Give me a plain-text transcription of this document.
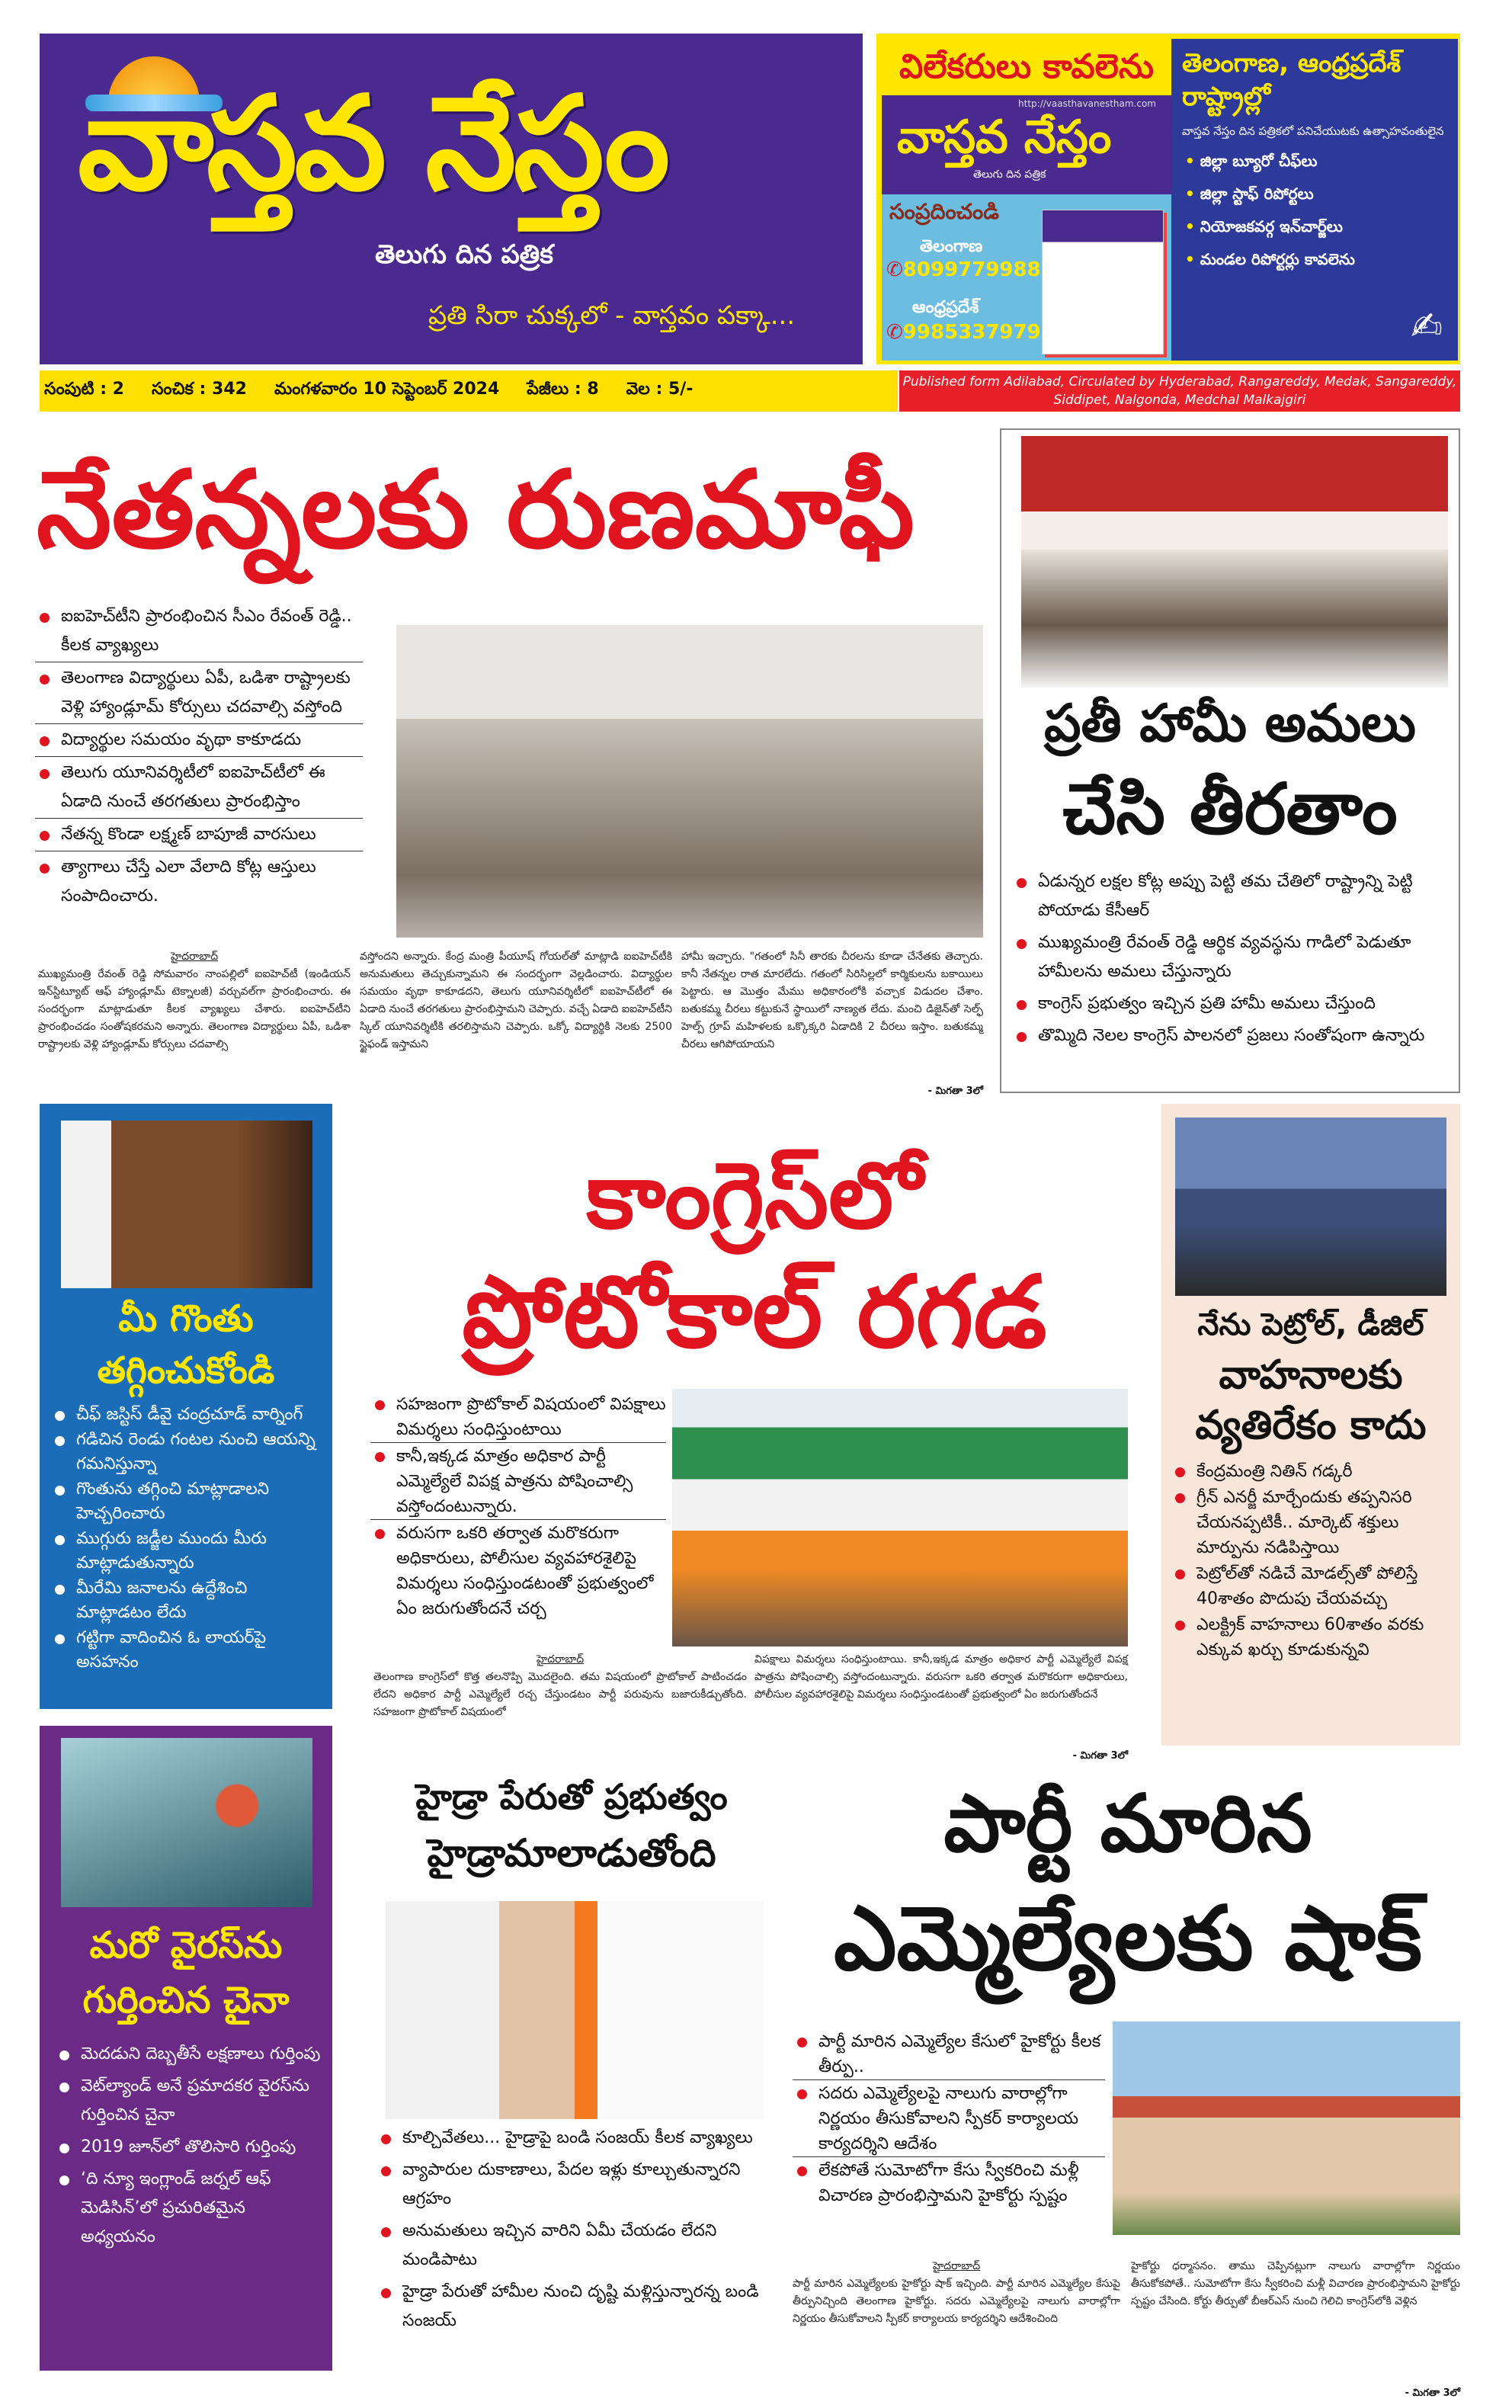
వాస్తవ నేస్తం
తెలుగు దిన పత్రిక
ప్రతి సిరా చుక్కలో - వాస్తవం పక్కా...
విలేకరులు కావలెను
http://vaasthavanestham.com
వాస్తవ నేస్తం
తెలుగు దిన పత్రిక
సంప్రదించండి
తెలంగాణ
✆8099779988
ఆంధ్రప్రదేశ్
✆9985337979
తెలంగాణ, ఆంధ్రప్రదేశ్ రాష్ట్రాల్లో
వాస్తవ నేస్తం దిన పత్రికలో పనిచేయుటకు ఉత్సాహవంతులైన
• జిల్లా బ్యూరో చీఫ్‌లు
• జిల్లా స్టాఫ్ రిపోర్టలు
• నియోజకవర్గ ఇన్‌చార్జ్‌లు
• మండల రిపోర్టర్లు కావలెను
✍
సంపుటి : 2 సంచిక : 342 మంగళవారం 10 సెప్టెంబర్ 2024 పేజీలు : 8 వెల : 5/-	Published form Adilabad, Circulated by Hyderabad, Rangareddy, Medak, Sangareddy, Siddipet, Nalgonda, Medchal Malkajgiri
నేతన్నలకు రుణమాఫీ
ఐఐహెచ్‌టీని ప్రారంభించిన సీఎం రేవంత్ రెడ్డి.. కీలక వ్యాఖ్యలు
తెలంగాణ విద్యార్థులు ఏపీ, ఒడిశా రాష్ట్రాలకు వెళ్లి హ్యాండ్లూమ్ కోర్సులు చదవాల్సి వస్తోంది
విద్యార్థుల సమయం వృథా కాకూడదు
తెలుగు యూనివర్శిటీలో ఐఐహెచ్‌టీలో ఈ ఏడాది నుంచే తరగతులు ప్రారంభిస్తాం
నేతన్న కొండా లక్ష్మణ్ బాపూజీ వారసులు
త్యాగాలు చేస్తే ఎలా వేలాది కోట్ల ఆస్తులు సంపాదించారు.
హైదరాబాద్
ముఖ్యమంత్రి రేవంత్ రెడ్డి సోమవారం నాంపల్లిలో ఐఐహెచ్‌టీ (ఇండియన్ ఇన్‌స్టిట్యూట్ ఆఫ్ హ్యాండ్లూమ్ టెక్నాలజీ) వర్చువల్‌గా ప్రారంభించారు. ఈ సందర్భంగా మాట్లాడుతూ కీలక వ్యాఖ్యలు చేశారు. ఐఐహెచ్‌టీని ప్రారంభించడం సంతోషకరమని అన్నారు. తెలంగాణ విద్యార్థులు ఏపీ, ఒడిశా రాష్ట్రాలకు వెళ్లి హ్యాండ్లూమ్ కోర్సులు చదవాల్సి
వస్తోందని అన్నారు. కేంద్ర మంత్రి పీయూష్ గోయల్‌తో మాట్లాడి ఐఐహెచ్‌టీకి అనుమతులు తెచ్చుకున్నామని ఈ సందర్భంగా వెల్లడించారు. విద్యార్థుల సమయం వృథా కాకూడదని, తెలుగు యూనివర్శిటీలో ఐఐహెచ్‌టీలో ఈ ఏడాది నుంచే తరగతులు ప్రారంభిస్తామని చెప్పారు. వచ్చే ఏడాది ఐఐహెచ్‌టీని స్కిల్ యూనివర్శిటీకి తరలిస్తామని చెప్పారు. ఒక్కో విద్యార్థికి నెలకు 2500 స్టైఫండ్ ఇస్తామని
హామీ ఇచ్చారు. "గతంలో సినీ తారకు చీరలను కూడా చేనేతకు తెచ్చారు. కానీ నేతన్నల రాత మారలేదు. గతంలో సిరిసిల్లలో కార్మికులను బకాయిలు పెట్టారు. ఆ మొత్తం మేము అధికారంలోకి వచ్చాక విడుదల చేశాం. బతుకమ్మ చీరలు కట్టుకునే స్థాయిలో నాణ్యత లేదు. మంచి డిజైన్‌తో సెల్ఫ్ హెల్ప్ గ్రూప్ మహిళలకు ఒక్కొక్కరి ఏడాదికి 2 చీరలు ఇస్తాం. బతుకమ్మ చీరలు ఆగిపోయాయని
- మిగతా 3లో
ప్రతీ హామీ అమలు
చేసి తీరతాం
ఏడున్నర లక్షల కోట్ల అప్పు పెట్టి తమ చేతిలో రాష్ట్రాన్ని పెట్టి పోయాడు కేసీఆర్
ముఖ్యమంత్రి రేవంత్ రెడ్డి ఆర్థిక వ్యవస్థను గాడిలో పెడుతూ హామీలను అమలు చేస్తున్నారు
కాంగ్రెస్ ప్రభుత్వం ఇచ్చిన ప్రతి హామీ అమలు చేస్తుంది
తొమ్మిది నెలల కాంగ్రెస్ పాలనలో ప్రజలు సంతోషంగా ఉన్నారు
మీ గొంతు
తగ్గించుకోండి
చీఫ్ జస్టిస్ డీవై చంద్రచూడ్ వార్నింగ్
గడిచిన రెండు గంటల నుంచి ఆయన్ని గమనిస్తున్నా
గొంతును తగ్గించి మాట్లాడాలని హెచ్చరించారు
ముగ్గురు జడ్జీల ముందు మీరు మాట్లాడుతున్నారు
మీరేమి జనాలను ఉద్దేశించి మాట్లాడటం లేదు
గట్టిగా వాదించిన ఓ లాయర్‌పై అసహనం
కాంగ్రెస్‌లో
ప్రోటోకాల్ రగడ
సహజంగా ప్రొటోకాల్ విషయంలో విపక్షాలు విమర్శలు సంధిస్తుంటాయి
కానీ,ఇక్కడ మాత్రం అధికార పార్టీ ఎమ్మెల్యేలే విపక్ష పాత్రను పోషించాల్సి వస్తోందంటున్నారు.
వరుసగా ఒకరి తర్వాత మరొకరుగా అధికారులు, పోలీసుల వ్యవహారశైలిపై విమర్శలు సంధిస్తుండటంతో ప్రభుత్వంలో ఏం జరుగుతోందనే చర్చ
హైదరాబాద్
తెలంగాణ కాంగ్రెస్‌లో కొత్త తలనొప్పి మొదలైంది. తమ విషయంలో ప్రొటోకాల్ పాటించడం లేదని అధికార పార్టీ ఎమ్మెల్యేలే రచ్చ చేస్తుండటం పార్టీ పరువును బజారుకీడ్చుతోంది. సహజంగా ప్రొటోకాల్ విషయంలో
విపక్షాలు విమర్శలు సంధిస్తుంటాయి. కానీ,ఇక్కడ మాత్రం అధికార పార్టీ ఎమ్మెల్యేలే విపక్ష పాత్రను పోషించాల్సి వస్తోందంటున్నారు. వరుసగా ఒకరి తర్వాత మరొకరుగా అధికారులు, పోలీసుల వ్యవహారశైలిపై విమర్శలు సంధిస్తుండటంతో ప్రభుత్వంలో ఏం జరుగుతోందనే
- మిగతా 3లో
నేను పెట్రోల్, డీజిల్
వాహనాలకు
వ్యతిరేకం కాదు
కేంద్రమంత్రి నితిన్ గడ్కరీ
గ్రీన్ ఎనర్జీ మార్చేందుకు తప్పనిసరి చేయనప్పటికీ.. మార్కెట్ శక్తులు మార్పును నడిపిస్తాయి
పెట్రోల్‌తో నడిచే మోడల్స్‌తో పోలిస్తే 40శాతం పొదుపు చేయవచ్చు
ఎలక్ట్రిక్ వాహనాలు 60శాతం వరకు ఎక్కువ ఖర్చు కూడుకున్నవి
మరో వైరస్‌ను
గుర్తించిన చైనా
మెదడుని దెబ్బతీసే లక్షణాలు గుర్తింపు
వెట్‌ల్యాండ్ అనే ప్రమాదకర వైరస్‌ను గుర్తించిన చైనా
2019 జూన్‌లో తొలిసారి గుర్తింపు
‘ది న్యూ ఇంగ్లాండ్ జర్నల్ ఆఫ్ మెడిసిన్’లో ప్రచురితమైన అధ్యయనం
హైడ్రా పేరుతో ప్రభుత్వం
హైడ్రామాలాడుతోంది
కూల్చివేతలు... హైడ్రాపై బండి సంజయ్ కీలక వ్యాఖ్యలు
వ్యాపారుల దుకాణాలు, పేదల ఇళ్లు కూల్చుతున్నారని ఆగ్రహం
అనుమతులు ఇచ్చిన వారిని ఏమీ చేయడం లేదని మండిపాటు
హైడ్రా పేరుతో హామీల నుంచి దృష్టి మళ్లిస్తున్నారన్న బండి సంజయ్
పార్టీ మారిన
ఎమ్మెల్యేలకు షాక్
పార్టీ మారిన ఎమ్మెల్యేల కేసులో హైకోర్టు కీలక తీర్పు..
సదరు ఎమ్మెల్యేలపై నాలుగు వారాల్లోగా నిర్ణయం తీసుకోవాలని స్పీకర్ కార్యాలయ కార్యదర్శిని ఆదేశం
లేకపోతే సుమోటోగా కేసు స్వీకరించి మళ్లీ విచారణ ప్రారంభిస్తామని హైకోర్టు స్పష్టం
హైదరాబాద్
పార్టీ మారిన ఎమ్మెల్యేలకు హైకోర్టు షాక్ ఇచ్చింది. పార్టీ మారిన ఎమ్మెల్యేల కేసుపై తీర్పునిచ్చింది తెలంగాణ హైకోర్టు. సదరు ఎమ్మెల్యేలపై నాలుగు వారాల్లోగా నిర్ణయం తీసుకోవాలని స్పీకర్ కార్యాలయ కార్యదర్శిని ఆదేశించింది
హైకోర్టు ధర్మాసనం. తాము చెప్పినట్లుగా నాలుగు వారాల్లోగా నిర్ణయం తీసుకోకపోతే.. సుమోటోగా కేసు స్వీకరించి మళ్లీ విచారణ ప్రారంభిస్తామని హైకోర్టు స్పష్టం చేసింది. కోర్టు తీర్పుతో బీఆర్ఎస్ నుంచి గెలిచి కాంగ్రెస్‌లోకి వెళ్లిన
- మిగతా 3లో
